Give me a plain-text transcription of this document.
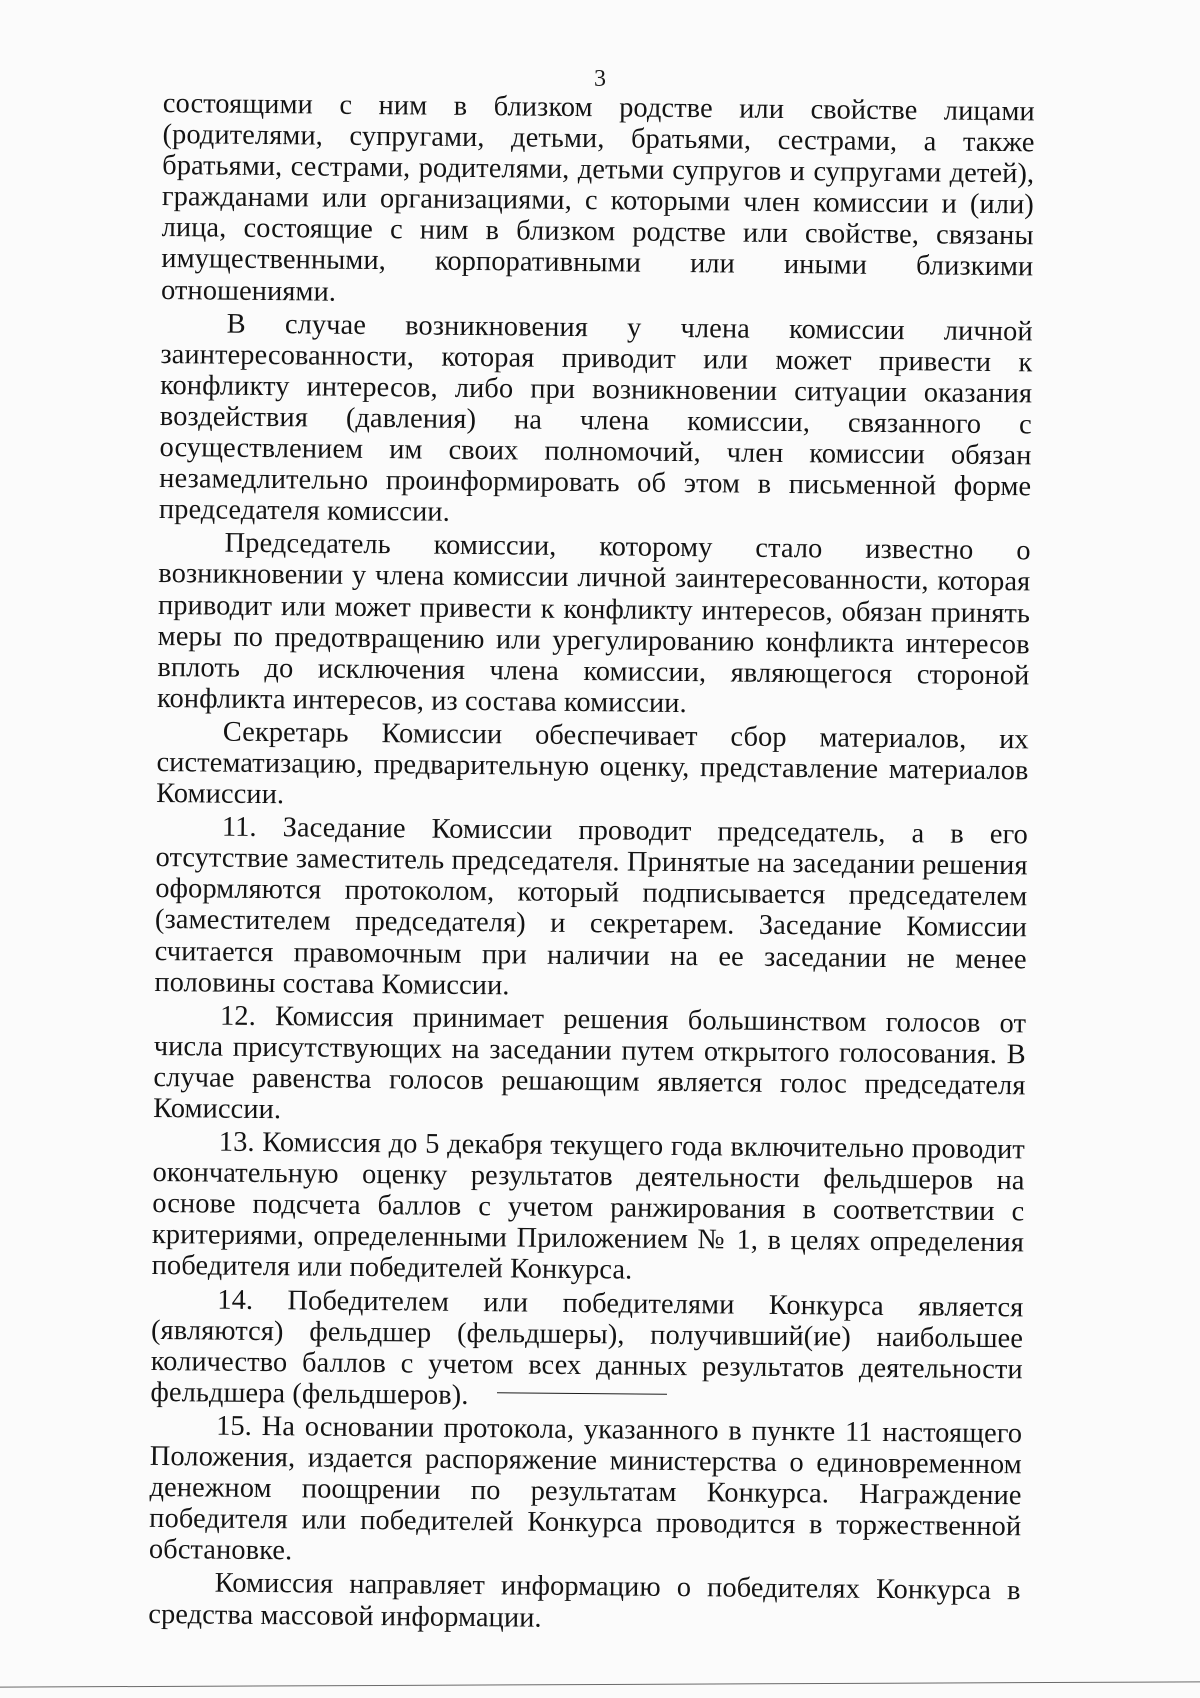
3

состоящими с ним в близком родстве или свойстве лицами (родителями, супругами, детьми, братьями, сестрами, а также братьями, сестрами, родителями, детьми супругов и супругами детей), гражданами или организациями, с которыми член комиссии и (или) лица, состоящие с ним в близком родстве или свойстве, связаны имущественными, корпоративными или иными близкими отношениями.

В случае возникновения у члена комиссии личной заинтересованности, которая приводит или может привести к конфликту интересов, либо при возникновении ситуации оказания воздействия (давления) на члена комиссии, связанного с осуществлением им своих полномочий, член комиссии обязан незамедлительно проинформировать об этом в письменной форме председателя комиссии.

Председатель комиссии, которому стало известно о возникновении у члена комиссии личной заинтересованности, которая приводит или может привести к конфликту интересов, обязан принять меры по предотвращению или урегулированию конфликта интересов вплоть до исключения члена комиссии, являющегося стороной конфликта интересов, из состава комиссии.

Секретарь Комиссии обеспечивает сбор материалов, их систематизацию, предварительную оценку, представление материалов Комиссии.

11. Заседание Комиссии проводит председатель, а в его отсутствие заместитель председателя. Принятые на заседании решения оформляются протоколом, который подписывается председателем (заместителем председателя) и секретарем. Заседание Комиссии считается правомочным при наличии на ее заседании не менее половины состава Комиссии.

12. Комиссия принимает решения большинством голосов от числа присутствующих на заседании путем открытого голосования. В случае равенства голосов решающим является голос председателя Комиссии.

13. Комиссия до 5 декабря текущего года включительно проводит окончательную оценку результатов деятельности фельдшеров на основе подсчета баллов с учетом ранжирования в соответствии с критериями, определенными Приложением № 1, в целях определения победителя или победителей Конкурса.

14. Победителем или победителями Конкурса является (являются) фельдшер (фельдшеры), получивший(ие) наибольшее количество баллов с учетом всех данных результатов деятельности фельдшера (фельдшеров).

15. На основании протокола, указанного в пункте 11 настоящего Положения, издается распоряжение министерства о единовременном денежном поощрении по результатам Конкурса. Награждение победителя или победителей Конкурса проводится в торжественной обстановке.

Комиссия направляет информацию о победителях Конкурса в средства массовой информации.
